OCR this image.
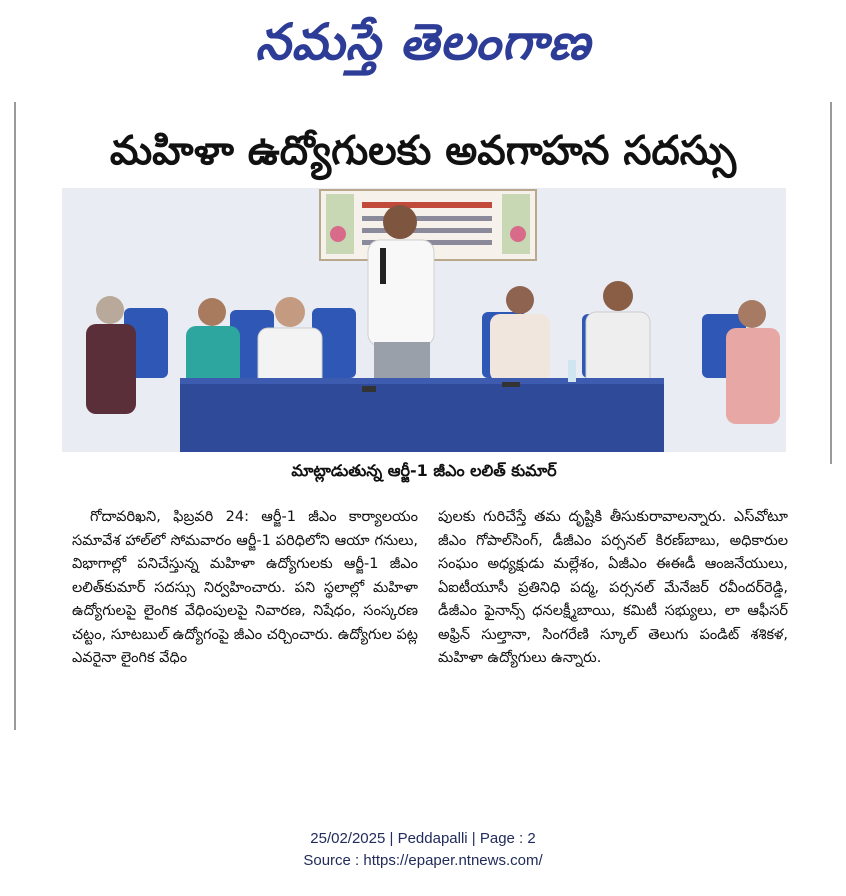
నమస్తే తెలంగాణ
మహిళా ఉద్యోగులకు అవగాహన సదస్సు
మాట్లాడుతున్న ఆర్జీ-1 జీఎం లలిత్ కుమార్
గోదావరిఖని, ఫిబ్రవరి 24: ఆర్జీ-1 జీఎం కార్యాలయం సమావేశ హాల్‌లో సోమవారం ఆర్జీ-1 పరిధిలోని ఆయా గనులు, విభాగాల్లో పనిచేస్తున్న మహిళా ఉద్యోగులకు ఆర్జీ-1 జీఎం లలిత్‌కుమార్ సదస్సు నిర్వహించారు. పని స్థలాల్లో మహిళా ఉద్యోగులపై లైంగిక వేధింపులపై నివారణ, నిషేధం, సంస్కరణ చట్టం, సూటబుల్ ఉద్యోగంపై జీఎం చర్చించారు. ఉద్యోగుల పట్ల ఎవరైనా లైంగిక వేధిం
పులకు గురిచేస్తే తమ దృష్టికి తీసుకురావాలన్నారు. ఎస్‌వోటూ జీఎం గోపాల్‌సింగ్, డీజీఎం పర్సనల్ కిరణ్‌బాబు, అధికారుల సంఘం అధ్యక్షుడు మల్లేశం, ఏజీఎం ఈఈడీ ఆంజనేయులు, ఏఐటీయూసీ ప్రతినిధి పద్మ, పర్సనల్ మేనేజర్ రవీందర్‌రెడ్డి, డీజీఎం ఫైనాన్స్ ధనలక్ష్మీబాయి, కమిటీ సభ్యులు, లా ఆఫీసర్ అఫ్రిన్ సుల్తానా, సింగరేణి స్కూల్ తెలుగు పండిట్ శశికళ, మహిళా ఉద్యోగులు ఉన్నారు.
25/02/2025 | Peddapalli | Page : 2
Source : https://epaper.ntnews.com/
